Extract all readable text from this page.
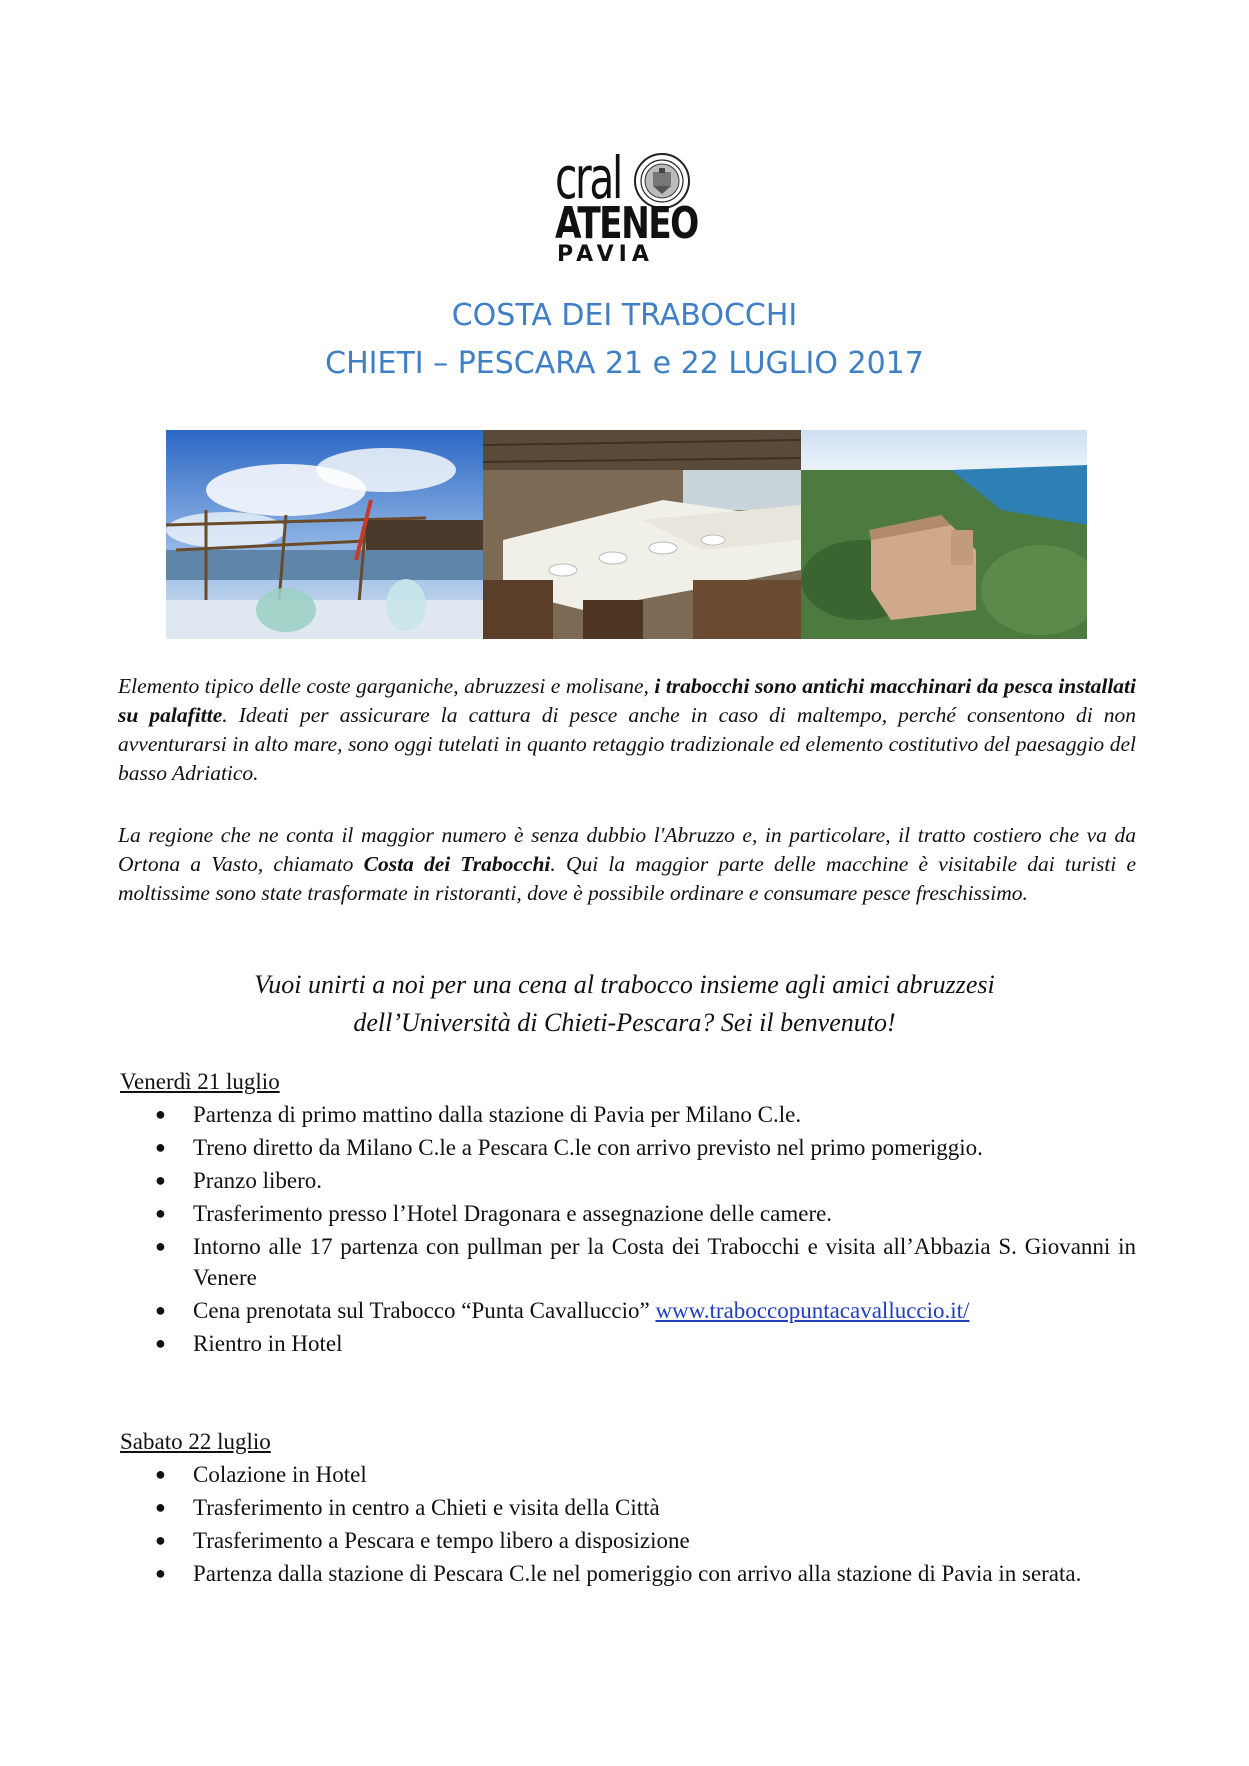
cral
ATENEO
PAVIA
COSTA DEI TRABOCCHI
CHIETI – PESCARA 21 e 22 LUGLIO 2017

Elemento tipico delle coste garganiche, abruzzesi e molisane, i trabocchi sono antichi macchinari da pesca installati su palafitte. Ideati per assicurare la cattura di pesce anche in caso di maltempo, perché consentono di non avventurarsi in alto mare, sono oggi tutelati in quanto retaggio tradizionale ed elemento costitutivo del paesaggio del basso Adriatico.

La regione che ne conta il maggior numero è senza dubbio l'Abruzzo e, in particolare, il tratto costiero che va da Ortona a Vasto, chiamato Costa dei Trabocchi. Qui la maggior parte delle macchine è visitabile dai turisti e moltissime sono state trasformate in ristoranti, dove è possibile ordinare e consumare pesce freschissimo.

Vuoi unirti a noi per una cena al trabocco insieme agli amici abruzzesi
dell’Università di Chieti-Pescara? Sei il benvenuto!

Venerdì 21 luglio

● Partenza di primo mattino dalla stazione di Pavia per Milano C.le.
● Treno diretto da Milano C.le a Pescara C.le con arrivo previsto nel primo pomeriggio.
● Pranzo libero.
● Trasferimento presso l’Hotel Dragonara e assegnazione delle camere.
● Intorno alle 17 partenza con pullman per la Costa dei Trabocchi e visita all’Abbazia S. Giovanni in Venere
● Cena prenotata sul Trabocco “Punta Cavalluccio” www.traboccopuntacavalluccio.it/
● Rientro in Hotel

Sabato 22 luglio

● Colazione in Hotel
● Trasferimento in centro a Chieti e visita della Città
● Trasferimento a Pescara e tempo libero a disposizione
● Partenza dalla stazione di Pescara C.le nel pomeriggio con arrivo alla stazione di Pavia in serata.
